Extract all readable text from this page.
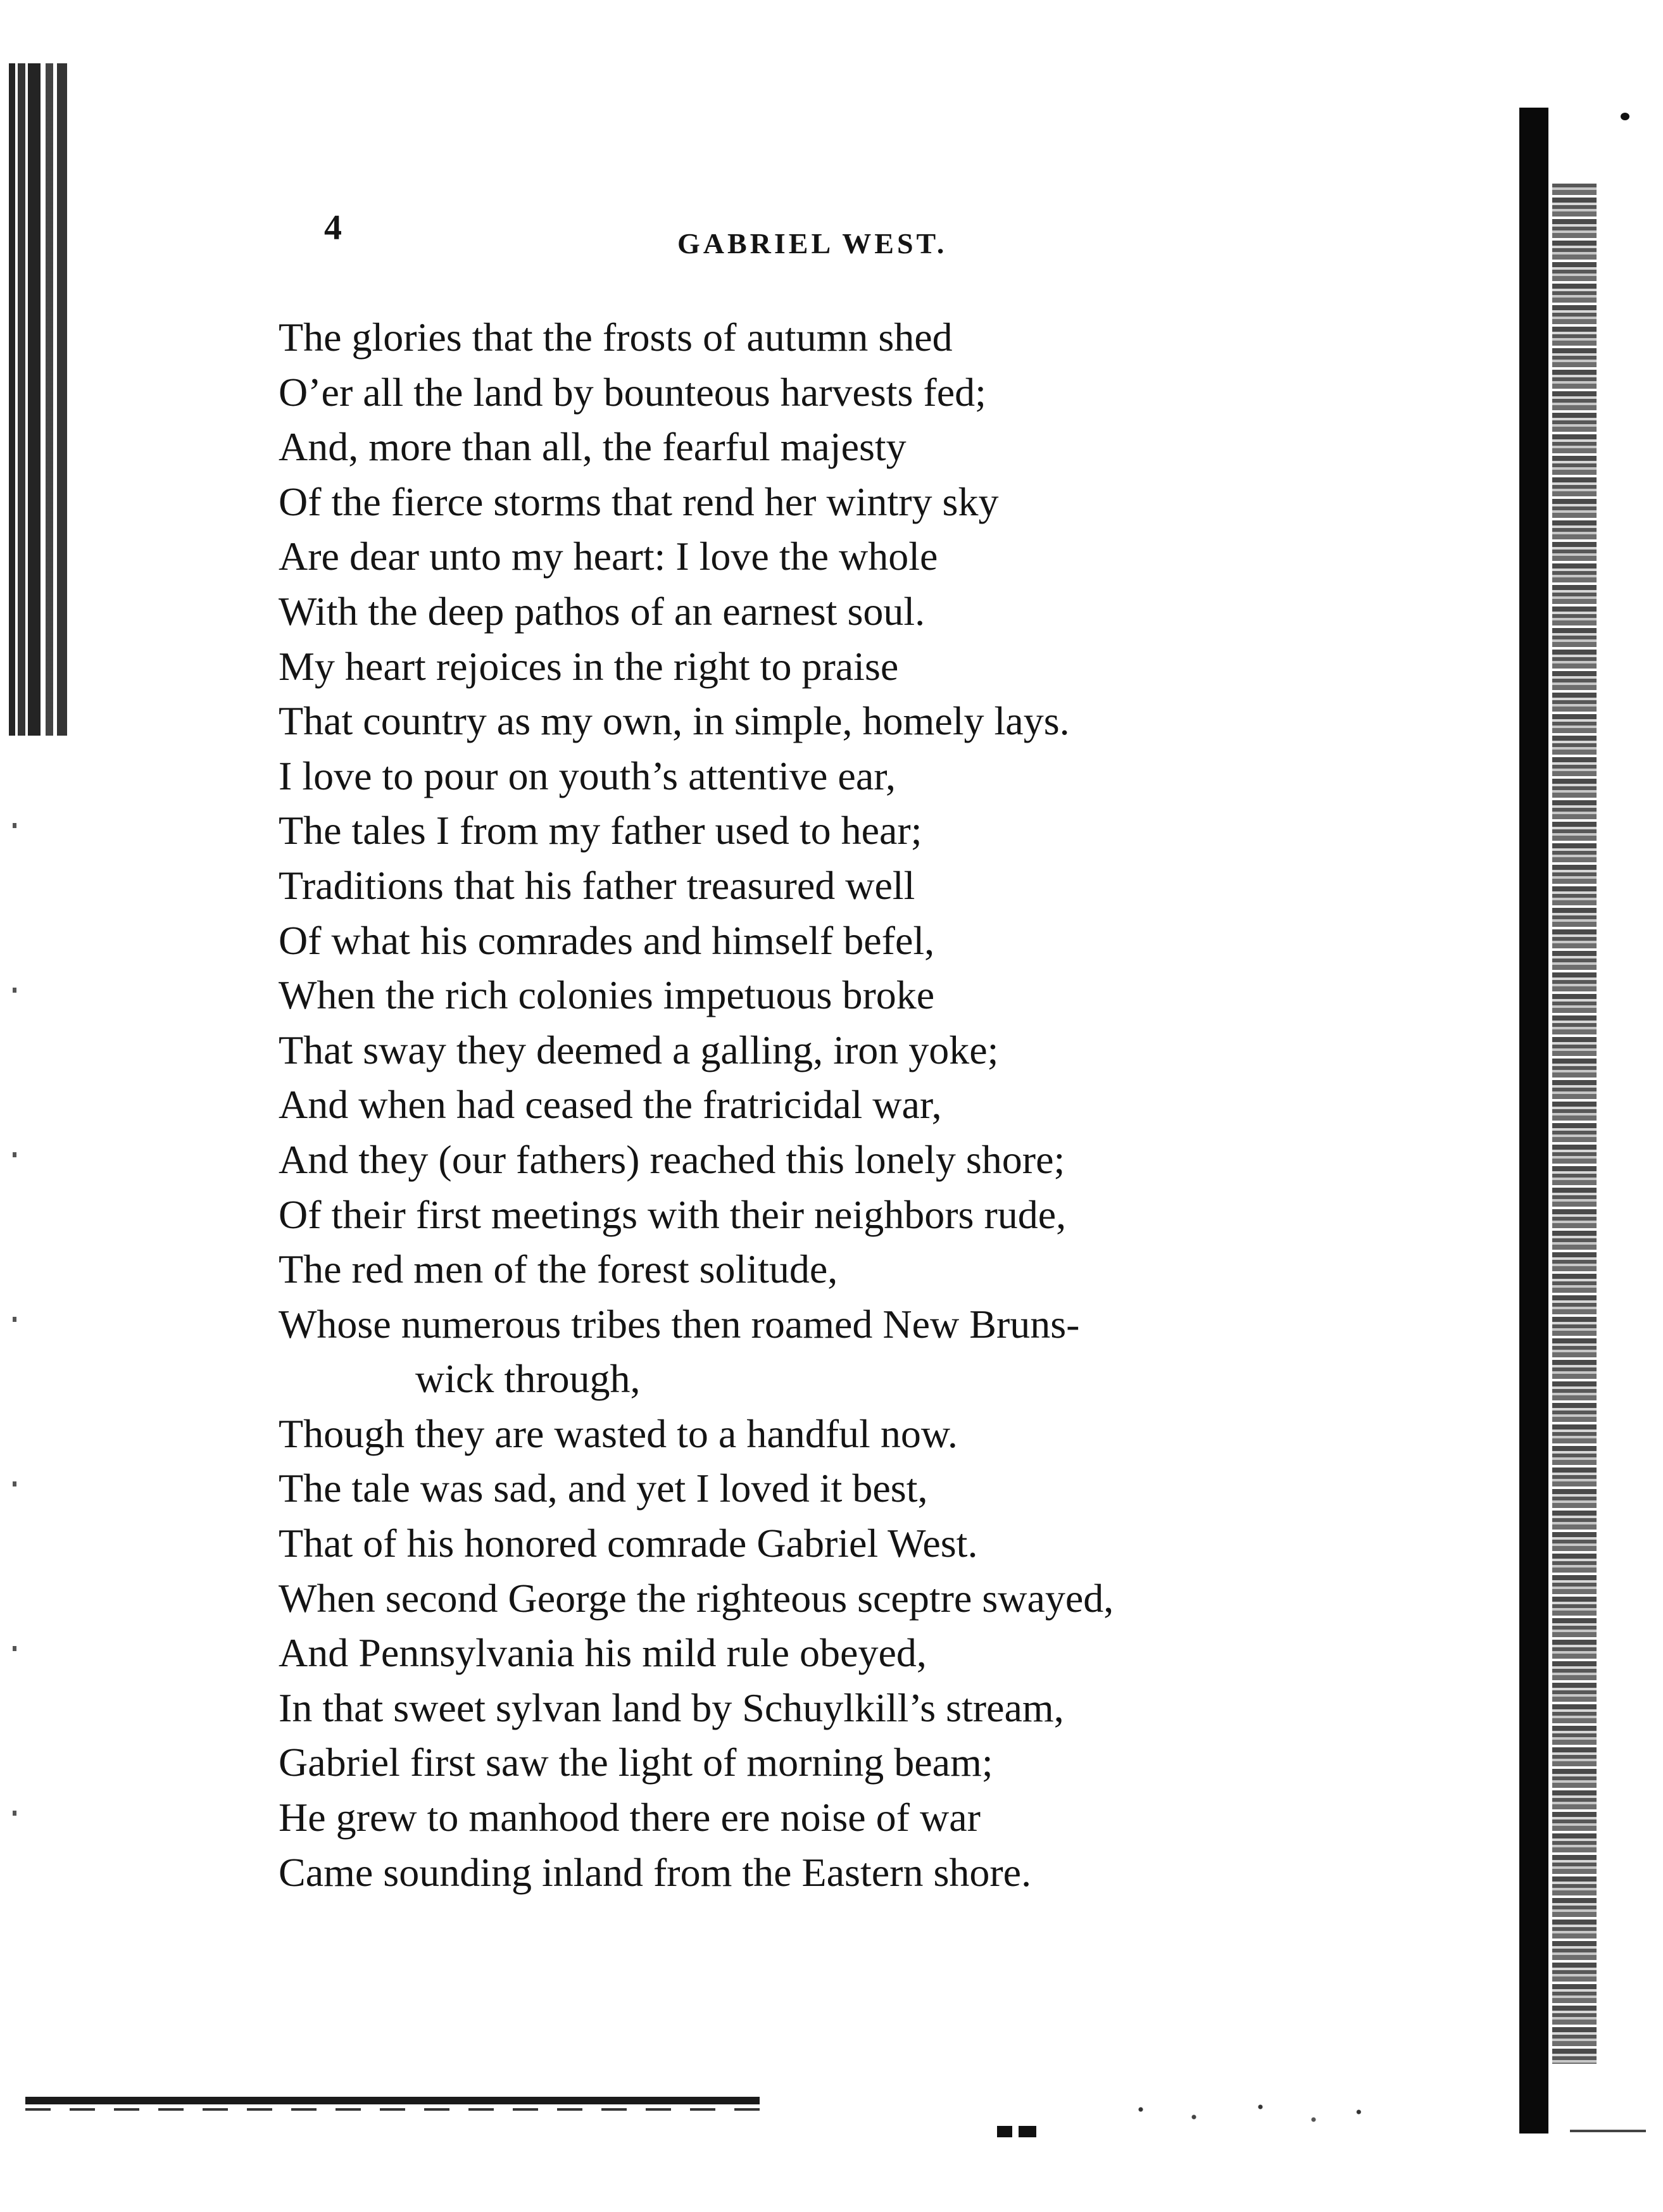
4	GABRIEL WEST.
The glories that the frosts of autumn shed
O’er all the land by bounteous harvests fed;
And, more than all, the fearful majesty
Of the fierce storms that rend her wintry sky
Are dear unto my heart: I love the whole
With the deep pathos of an earnest soul.
My heart rejoices in the right to praise
That country as my own, in simple, homely lays.
I love to pour on youth’s attentive ear,
The tales I from my father used to hear;
Traditions that his father treasured well
Of what his comrades and himself befel,
When the rich colonies impetuous broke
That sway they deemed a galling, iron yoke;
And when had ceased the fratricidal war,
And they (our fathers) reached this lonely shore;
Of their first meetings with their neighbors rude,
The red men of the forest solitude,
Whose numerous tribes then roamed New Bruns-
wick through,
Though they are wasted to a handful now.
The tale was sad, and yet I loved it best,
That of his honored comrade Gabriel West.
When second George the righteous sceptre swayed,
And Pennsylvania his mild rule obeyed,
In that sweet sylvan land by Schuylkill’s stream,
Gabriel first saw the light of morning beam;
He grew to manhood there ere noise of war
Came sounding inland from the Eastern shore.
